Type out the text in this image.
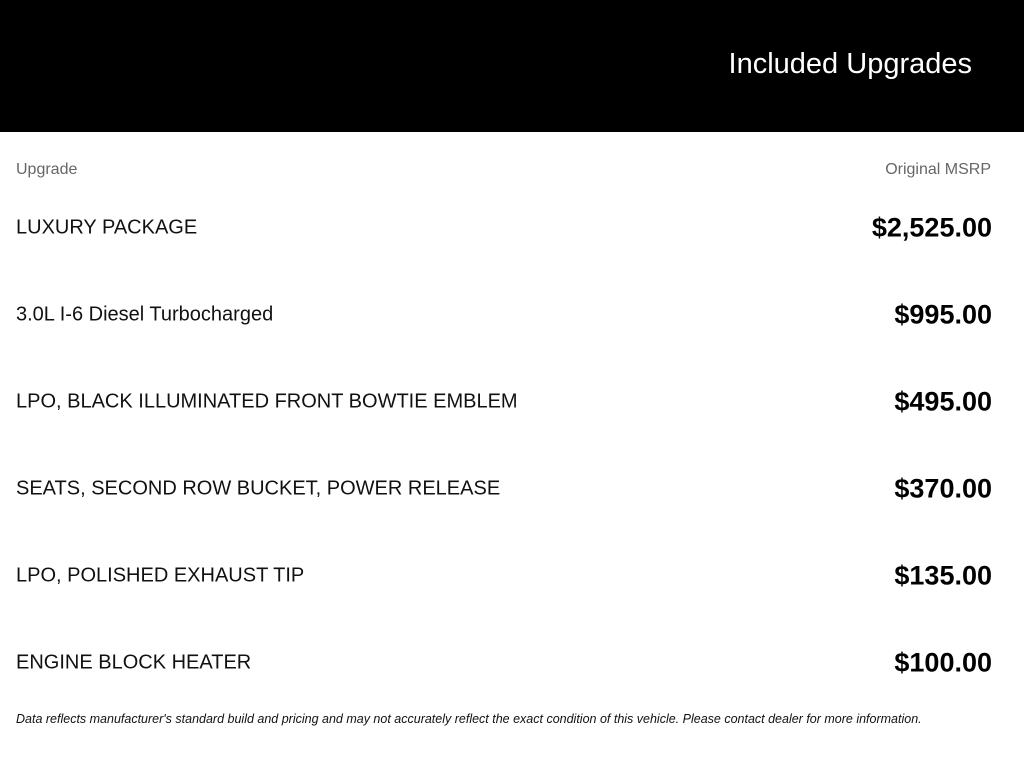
Included Upgrades
Upgrade	Original MSRP
LUXURY PACKAGE	$2,525.00
3.0L I-6 Diesel Turbocharged	$995.00
LPO, BLACK ILLUMINATED FRONT BOWTIE EMBLEM	$495.00
SEATS, SECOND ROW BUCKET, POWER RELEASE	$370.00
LPO, POLISHED EXHAUST TIP	$135.00
ENGINE BLOCK HEATER	$100.00
Data reflects manufacturer's standard build and pricing and may not accurately reflect the exact condition of this vehicle. Please contact dealer for more information.
